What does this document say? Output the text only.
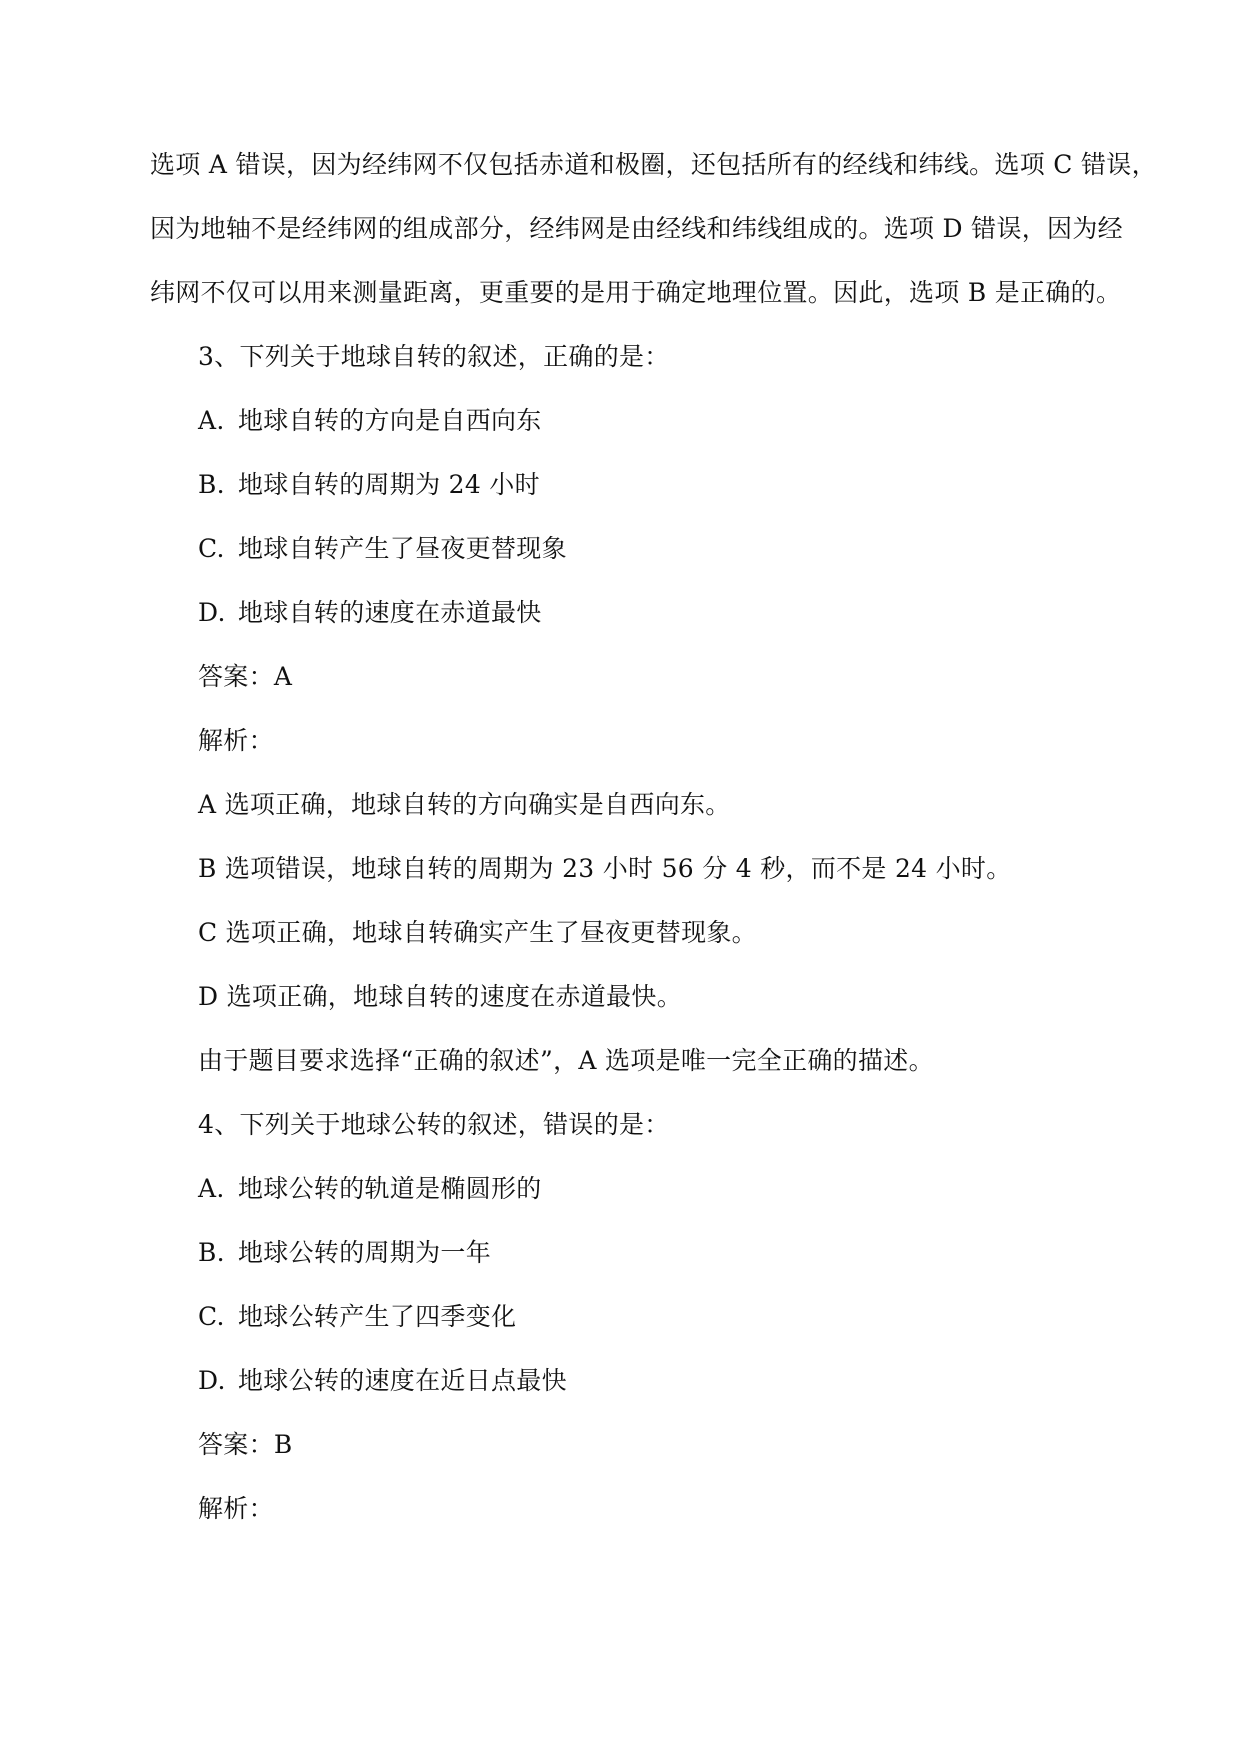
选项 A 错误，因为经纬网不仅包括赤道和极圈，还包括所有的经线和纬线。选项 C 错误，
因为地轴不是经纬网的组成部分，经纬网是由经线和纬线组成的。选项 D 错误，因为经
纬网不仅可以用来测量距离，更重要的是用于确定地理位置。因此，选项 B 是正确的。
3、下列关于地球自转的叙述，正确的是：
A. 地球自转的方向是自西向东
B. 地球自转的周期为 24 小时
C. 地球自转产生了昼夜更替现象
D. 地球自转的速度在赤道最快
答案：A
解析：
A 选项正确，地球自转的方向确实是自西向东。
B 选项错误，地球自转的周期为 23 小时 56 分 4 秒，而不是 24 小时。
C 选项正确，地球自转确实产生了昼夜更替现象。
D 选项正确，地球自转的速度在赤道最快。
由于题目要求选择“正确的叙述”，A 选项是唯一完全正确的描述。
4、下列关于地球公转的叙述，错误的是：
A. 地球公转的轨道是椭圆形的
B. 地球公转的周期为一年
C. 地球公转产生了四季变化
D. 地球公转的速度在近日点最快
答案：B
解析：
